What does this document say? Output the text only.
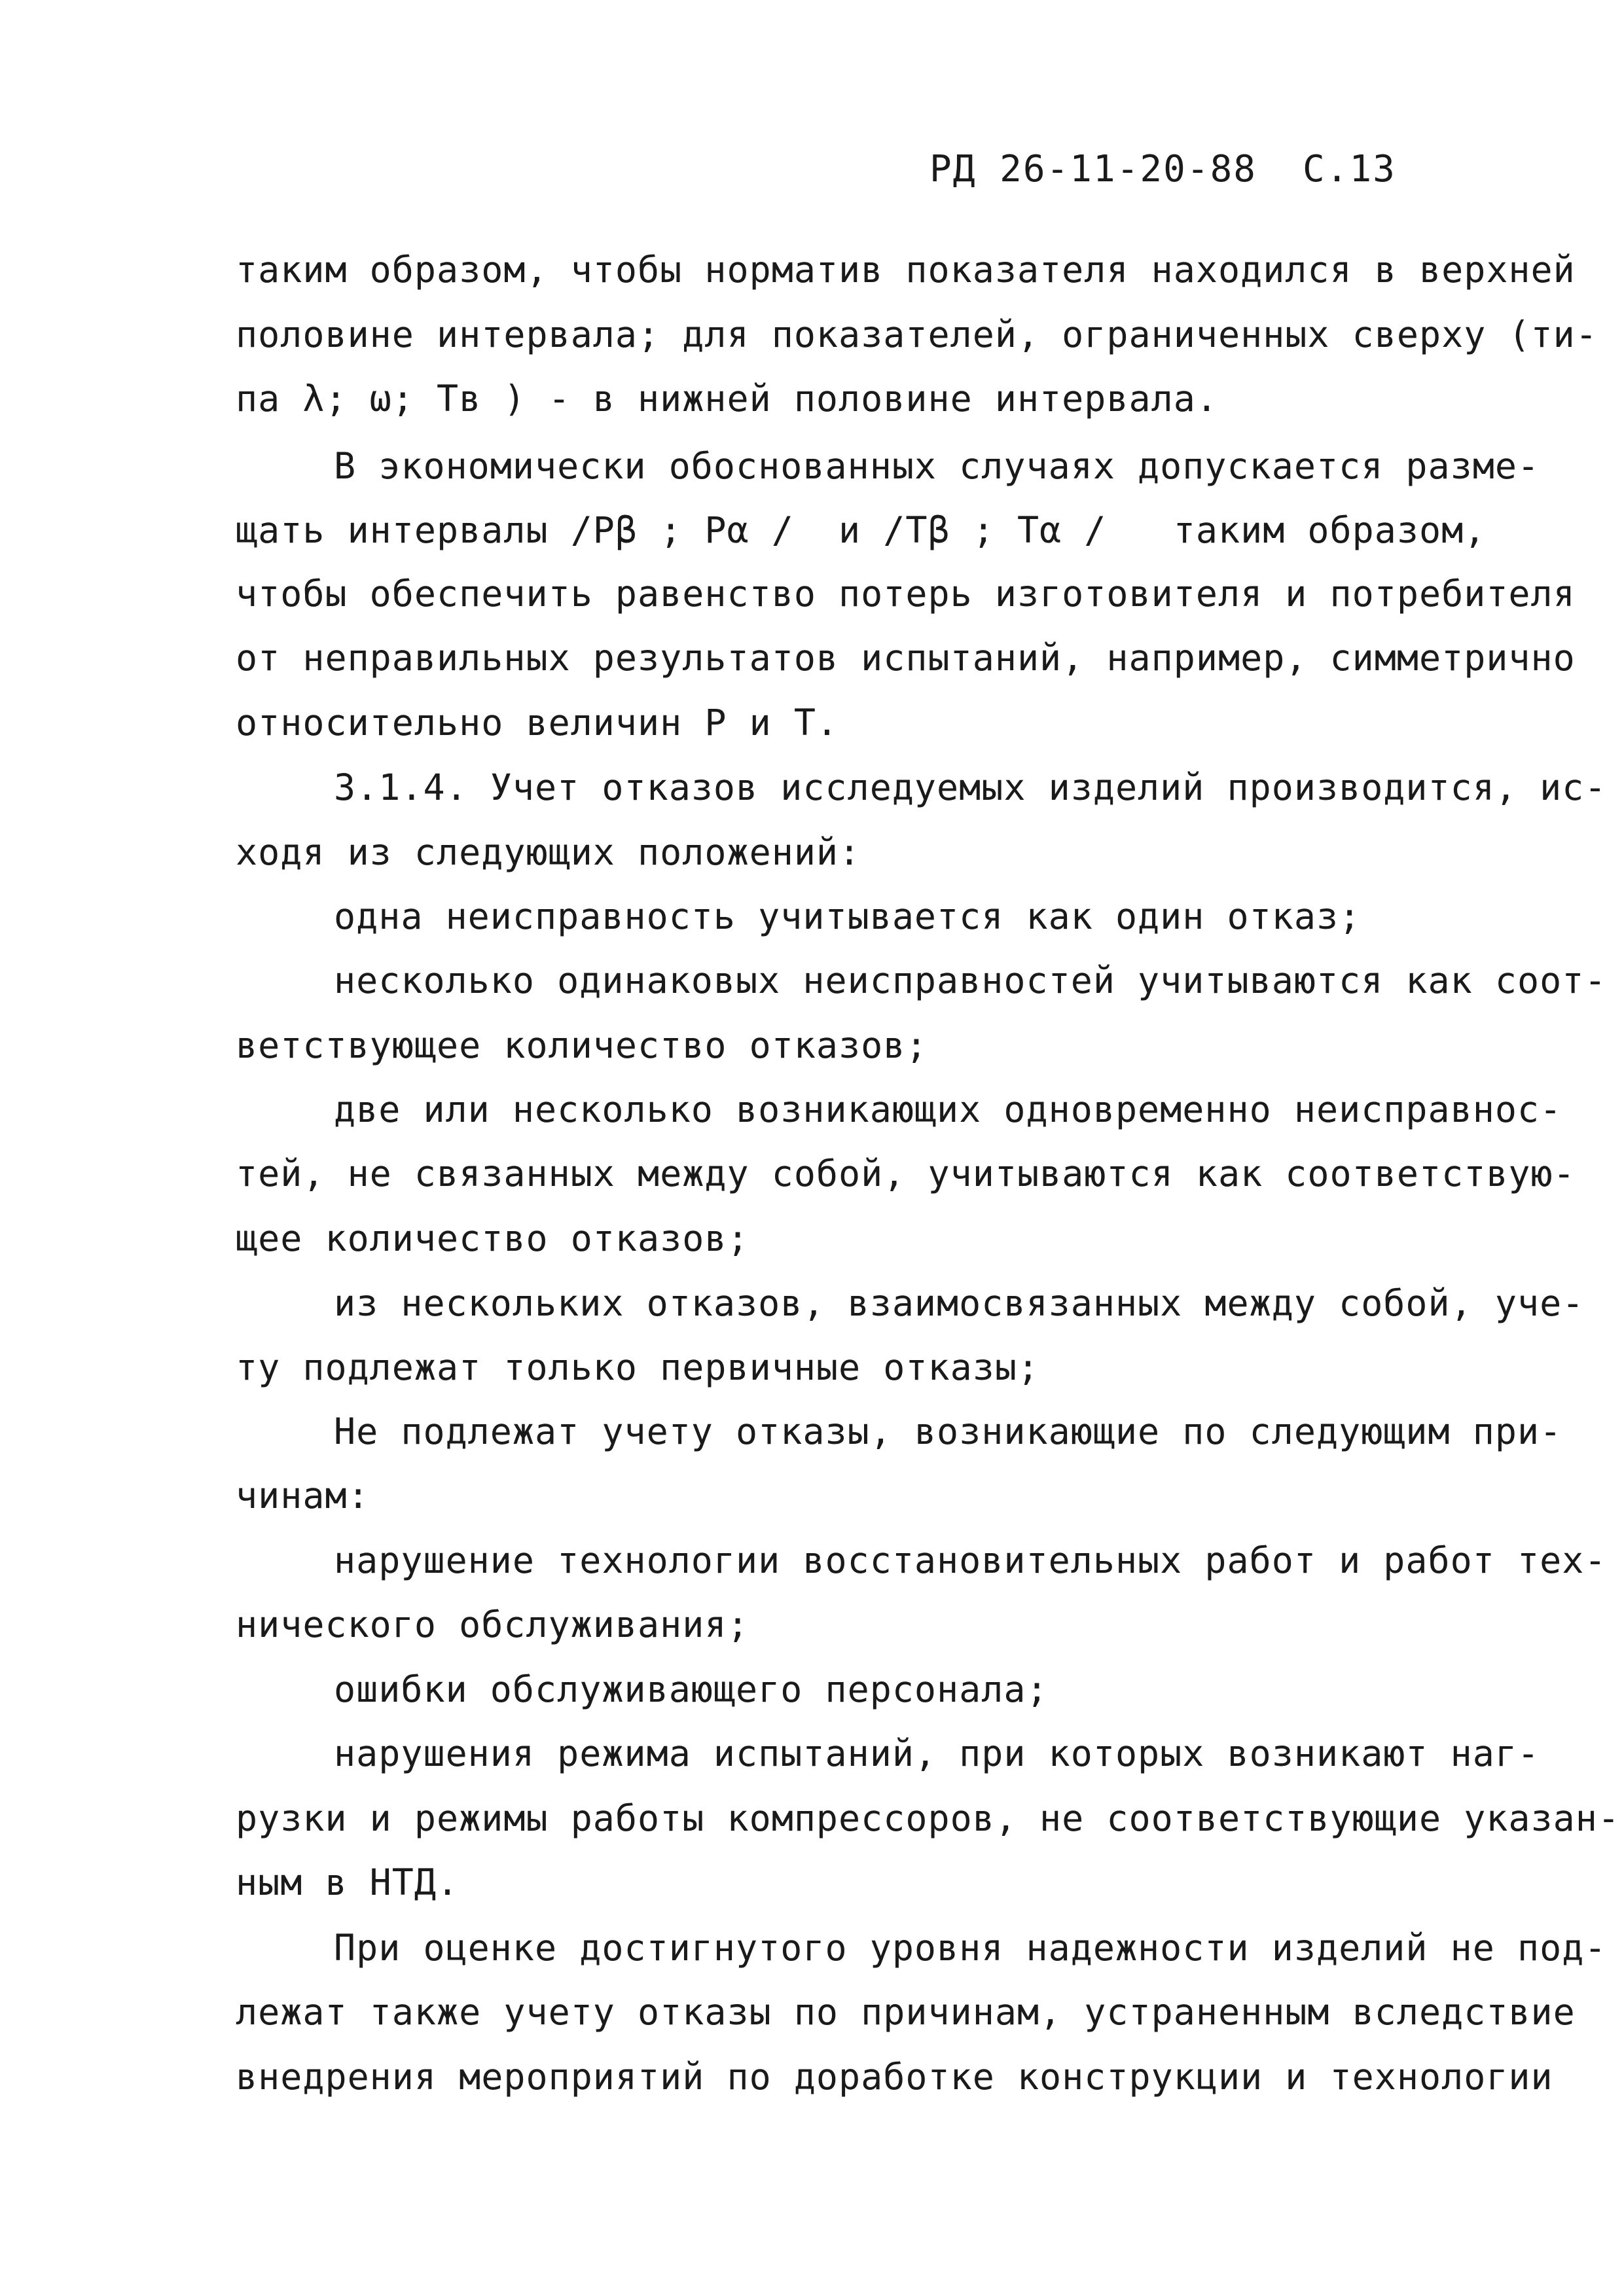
РД 26-11-20-88 С.13
таким образом, чтобы норматив показателя находился в верхней
половине интервала; для показателей, ограниченных сверху (ти-
па λ; ω; Тв ) - в нижней половине интервала.
В экономически обоснованных случаях допускается разме-
щать интервалы /Рβ ; Рα /  и /Тβ ; Тα /   таким образом,
чтобы обеспечить равенство потерь изготовителя и потребителя
от неправильных результатов испытаний, например, симметрично
относительно величин Р и Т.
3.1.4. Учет отказов исследуемых изделий производится, ис-
ходя из следующих положений:
одна неисправность учитывается как один отказ;
несколько одинаковых неисправностей учитываются как соот-
ветствующее количество отказов;
две или несколько возникающих одновременно неисправнос-
тей, не связанных между собой, учитываются как соответствую-
щее количество отказов;
из нескольких отказов, взаимосвязанных между собой, уче-
ту подлежат только первичные отказы;
Не подлежат учету отказы, возникающие по следующим при-
чинам:
нарушение технологии восстановительных работ и работ тех-
нического обслуживания;
ошибки обслуживающего персонала;
нарушения режима испытаний, при которых возникают наг-
рузки и режимы работы компрессоров, не соответствующие указан-
ным в НТД.
При оценке достигнутого уровня надежности изделий не под-
лежат также учету отказы по причинам, устраненным вследствие
внедрения мероприятий по доработке конструкции и технологии
